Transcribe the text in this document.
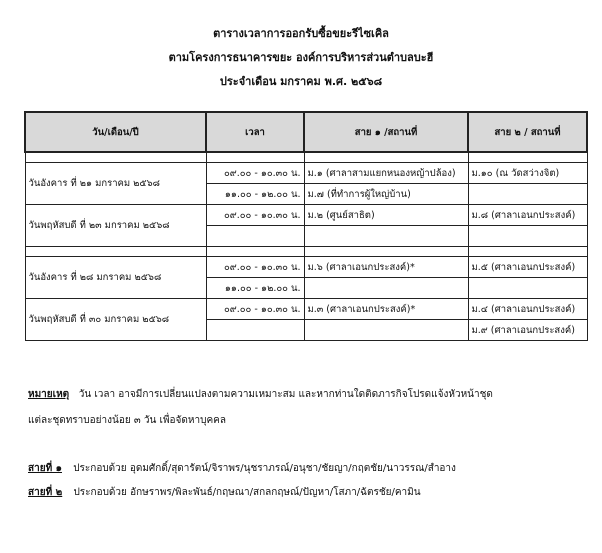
ตารางเวลาการออกรับซื้อขยะรีไซเคิล
ตามโครงการธนาคารขยะ องค์การบริหารส่วนตำบลบะฮี
ประจำเดือน มกราคม พ.ศ. ๒๕๖๘
วัน/เดือน/ปี	เวลา	สาย ๑ /สถานที่	สาย ๒ / สถานที่

วันอังคาร ที่ ๒๑ มกราคม ๒๕๖๘	๐๙.๐๐ - ๑๐.๓๐ น.	ม.๑ (ศาลาสามแยกหนองหญ้าปล้อง)	ม.๑๐ (ณ วัดสว่างจิต)
	๑๑.๐๐ - ๑๒.๐๐ น.	ม.๗ (ที่ทำการผู้ใหญ่บ้าน)	
วันพฤหัสบดี ที่ ๒๓ มกราคม ๒๕๖๘	๐๙.๐๐ - ๑๐.๓๐ น.	ม.๒ (ศูนย์สาธิต)	ม.๘ (ศาลาเอนกประสงค์)

วันอังคาร ที่ ๒๘ มกราคม ๒๕๖๘	๐๙.๐๐ - ๑๐.๓๐ น.	ม.๖ (ศาลาเอนกประสงค์)*	ม.๕ (ศาลาเอนกประสงค์)
	๑๑.๐๐ - ๑๒.๐๐ น.		
วันพฤหัสบดี ที่ ๓๐ มกราคม ๒๕๖๘	๐๙.๐๐ - ๑๐.๓๐ น.	ม.๓ (ศาลาเอนกประสงค์)*	ม.๔ (ศาลาเอนกประสงค์)
			ม.๙ (ศาลาเอนกประสงค์)
หมายเหตุ วัน เวลา อาจมีการเปลี่ยนแปลงตามความเหมาะสม และหากท่านใดติดภารกิจโปรดแจ้งหัวหน้าชุด
แต่ละชุดทราบอย่างน้อย ๓ วัน เพื่อจัดหาบุคคล
สายที่ ๑ ประกอบด้วย อุดมศักดิ์/สุดารัตน์/จิราพร/นุชราภรณ์/อนุชา/ชัยญา/กฤตชัย/นาวรรณ/สำอาง
สายที่ ๒ ประกอบด้วย อักษราพร/พิละพันธ์/กฤษณา/สกลกฤษณ์/ปัญหา/โสภา/ฉัตรชัย/คามิน
